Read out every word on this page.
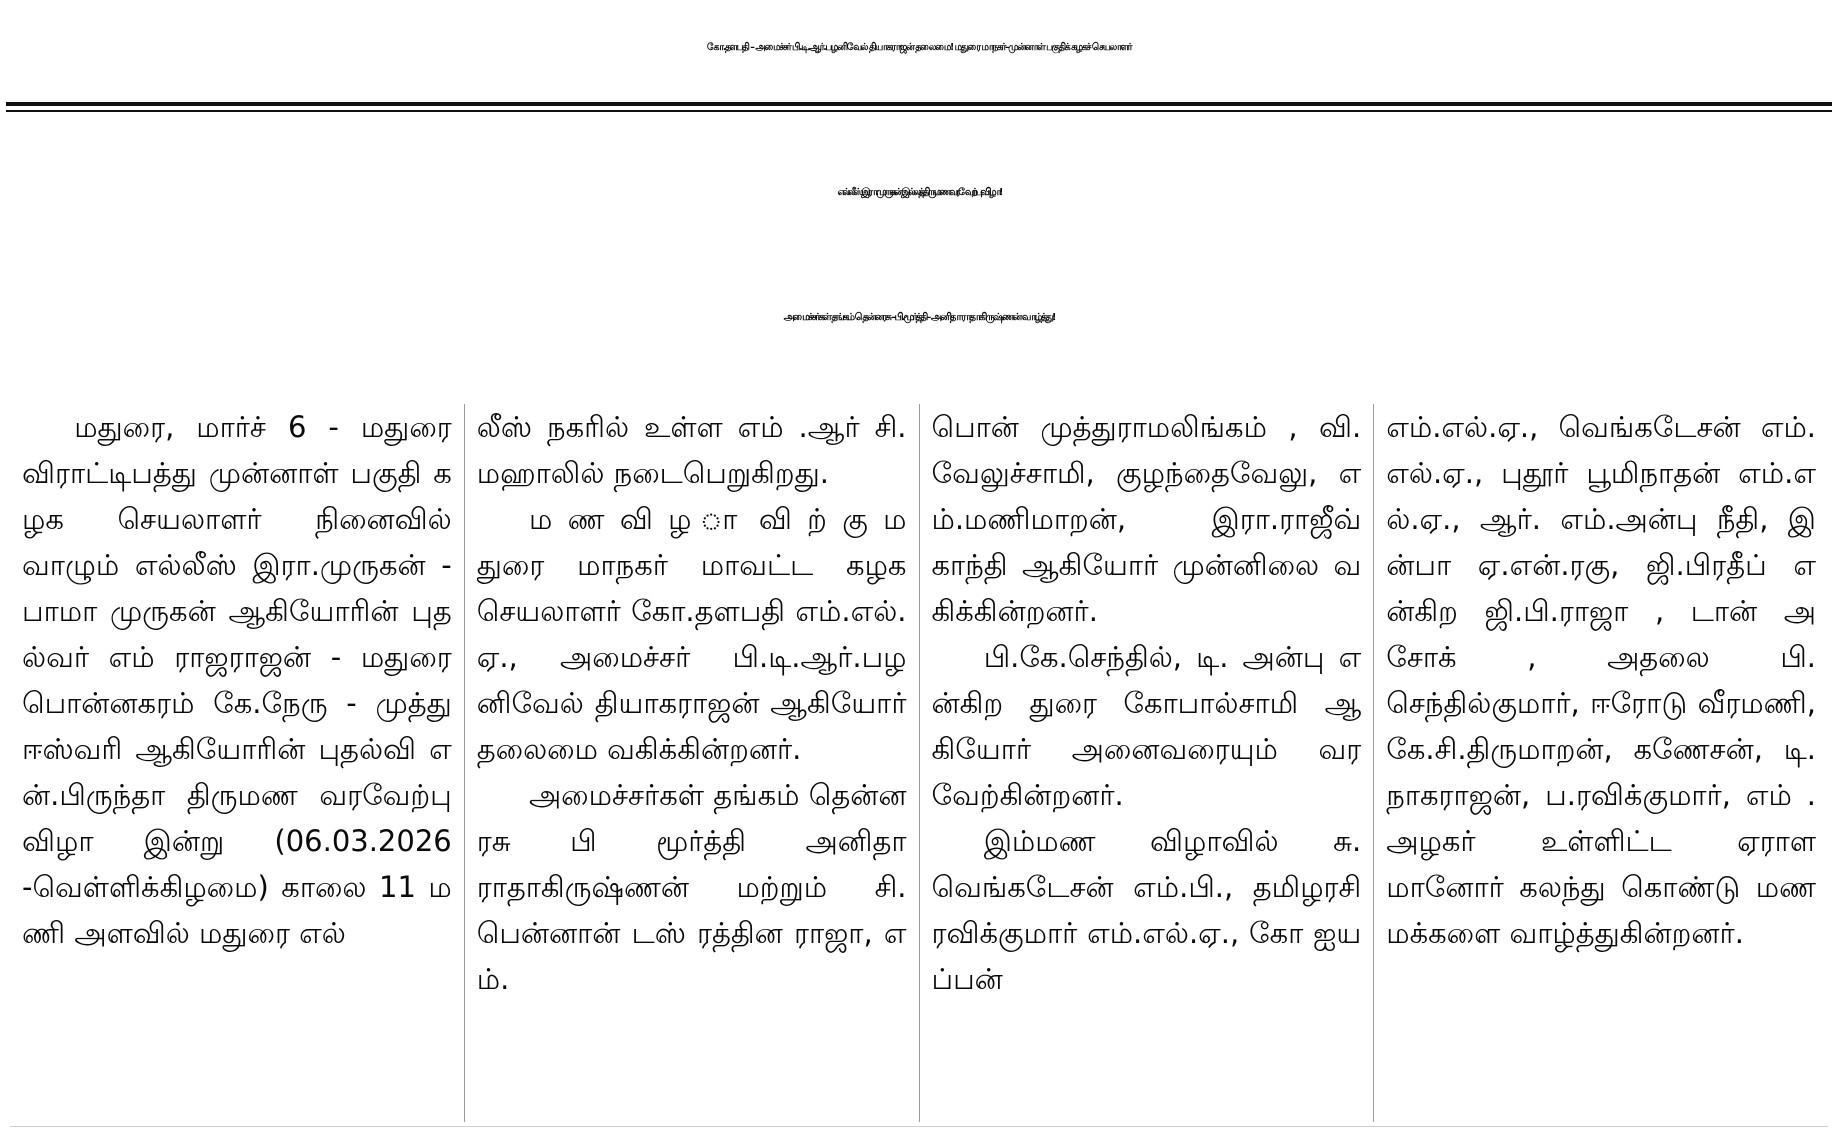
கோ.தளபதி – அமைச்சர் பி.டி.ஆர்.பழனிவேல் தியாகராஜன் தலைமை! மதுரை மாநகர்–முன்னாள் பகுதிக் கழகச் செயலாளர்
எல்லீஸ் இரா.முருகன் இல்லத் திருமண வரவேற்பு விழா!
அமைச்சர்கள் தங்கம் தென்னரசு –பி.மூர்த்தி– அனிதா ராதாகிருஷ்ணன் வாழ்த்து!

மதுரை, மார்ச் 6 - மதுரை விராட்டிபத்து முன்னாள் பகுதி கழக செயலாளர் நினைவில் வாழும் எல்லீஸ் இரா.முருகன் - பாமா முருகன் ஆகியோரின் புதல்வர் எம் ராஜராஜன் - மதுரை பொன்னகரம் கே.நேரு - முத்து ஈஸ்வரி ஆகியோரின் புதல்வி என்.பிருந்தா திருமண வரவேற்பு விழா இன்று (06.03.2026 -வெள்ளிக்கிழமை) காலை 11 மணி அளவில் மதுரை எல்

லீஸ் நகரில் உள்ள எம் .ஆர் சி. மஹாலில் நடைபெறுகிறது.

ம ண வி ழ ா வி ற் கு மதுரை மாநகர் மாவட்ட கழக செயலாளர் கோ.தளபதி எம்.எல்.ஏ., அமைச்சர் பி.டி.ஆர்.பழனிவேல் தியாகராஜன் ஆகியோர் தலைமை வகிக்கின்றனர்.

அமைச்சர்கள் தங்கம் தென்னரசு பி மூர்த்தி அனிதா ராதாகிருஷ்ணன் மற்றும் சி. பென்னான் டஸ் ரத்தின ராஜா, எம்.

பொன் முத்துராமலிங்கம் , வி.வேலுச்சாமி, குழந்தைவேலு, எம்.மணிமாறன், இரா.ராஜீவ் காந்தி ஆகியோர் முன்னிலை வகிக்கின்றனர்.

பி.கே.செந்தில், டி. அன்பு என்கிற துரை கோபால்சாமி ஆகியோர் அனைவரையும் வரவேற்கின்றனர்.

இம்மண விழாவில் சு.வெங்கடேசன் எம்.பி., தமிழரசி ரவிக்குமார் எம்.எல்.ஏ., கோ ஐயப்பன்

எம்.எல்.ஏ., வெங்கடேசன் எம்.எல்.ஏ., புதூர் பூமிநாதன் எம்.எல்.ஏ., ஆர். எம்.அன்பு நீதி, இன்பா ஏ.என்.ரகு, ஜி.பிரதீப் என்கிற ஜி.பி.ராஜா , டான் அசோக் , அதலை பி.செந்தில்குமார், ஈரோடு வீரமணி, கே.சி.திருமாறன், கணேசன், டி. நாகராஜன், ப.ரவிக்குமார், எம் .அழகர் உள்ளிட்ட ஏராளமானோர் கலந்து கொண்டு மணமக்களை வாழ்த்துகின்றனர்.
